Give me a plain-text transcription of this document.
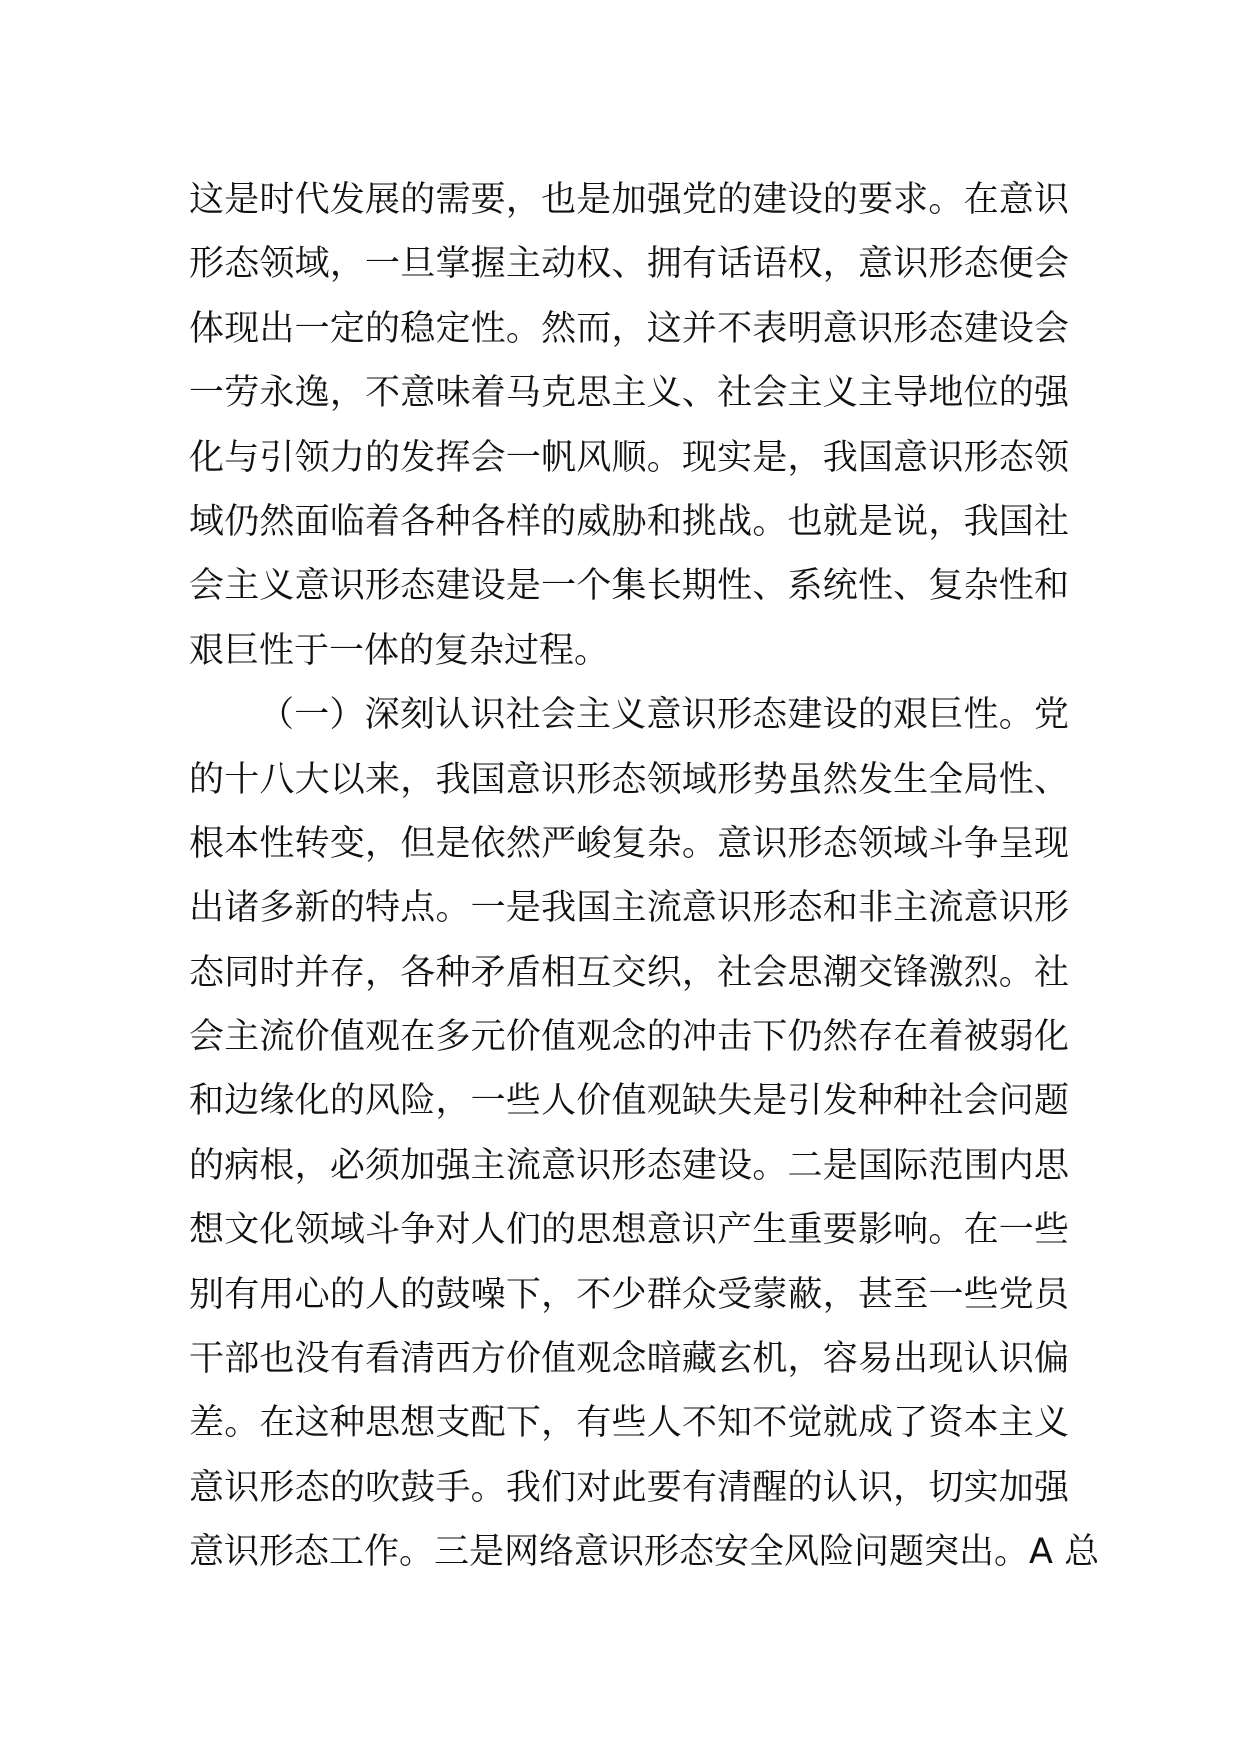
这是时代发展的需要，也是加强党的建设的要求。在意识
形态领域，一旦掌握主动权、拥有话语权，意识形态便会
体现出一定的稳定性。然而，这并不表明意识形态建设会
一劳永逸，不意味着马克思主义、社会主义主导地位的强
化与引领力的发挥会一帆风顺。现实是，我国意识形态领
域仍然面临着各种各样的威胁和挑战。也就是说，我国社
会主义意识形态建设是一个集长期性、系统性、复杂性和
艰巨性于一体的复杂过程。
（一）深刻认识社会主义意识形态建设的艰巨性。党
的十八大以来，我国意识形态领域形势虽然发生全局性、
根本性转变，但是依然严峻复杂。意识形态领域斗争呈现
出诸多新的特点。一是我国主流意识形态和非主流意识形
态同时并存，各种矛盾相互交织，社会思潮交锋激烈。社
会主流价值观在多元价值观念的冲击下仍然存在着被弱化
和边缘化的风险，一些人价值观缺失是引发种种社会问题
的病根，必须加强主流意识形态建设。二是国际范围内思
想文化领域斗争对人们的思想意识产生重要影响。在一些
别有用心的人的鼓噪下，不少群众受蒙蔽，甚至一些党员
干部也没有看清西方价值观念暗藏玄机，容易出现认识偏
差。在这种思想支配下，有些人不知不觉就成了资本主义
意识形态的吹鼓手。我们对此要有清醒的认识，切实加强
意识形态工作。三是网络意识形态安全风险问题突出。A 总
